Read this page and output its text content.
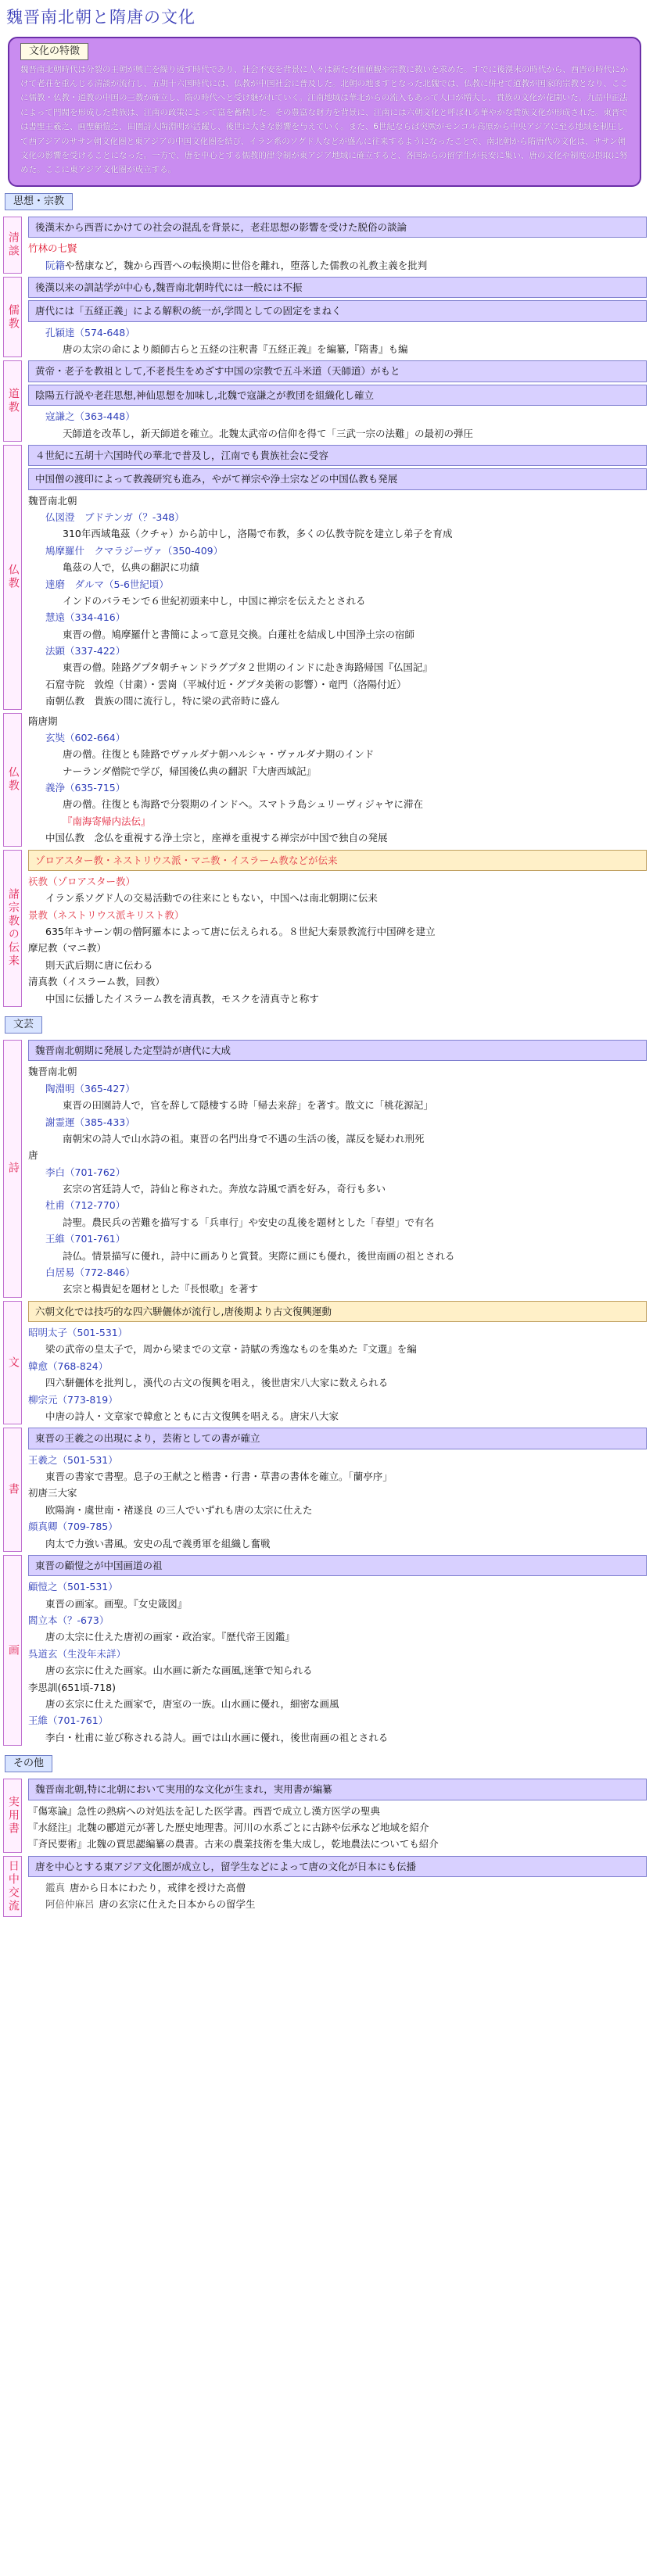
魏晋南北朝と隋唐の文化
文化の特徴

魏晋南北朝時代は分裂の王朝が興亡を繰り返す時代であり、社会不安を背景に人々は新たな価値観や宗教に救いを求めた。すでに後漢末の時代から、西晋の時代にかけて老荘を重んじる清談が流行し、五胡十六国時代には、仏教が中国社会に普及した。北朝の地ますとなった北魏では、仏教に併せて道教が国家的宗教となり、ここに儒教・仏教・道教の中国の三教が確立し、隋の時代へと受け継がれていく。江南地域は華北からの流入もあって人口が増大し、貴族の文化が花開いた。九品中正法によって門閥を形成した貴族は、江南の政策によって富を蓄積した。その豊富な財力を背景に、江南には六朝文化と呼ばれる華やかな貴族文化が形成された。東晋では書聖王羲之、画聖顧愷之、田園詩人陶淵明が活躍し、後世に大きな影響を与えていく。また、6世紀ならば突厥がモンゴル高原から中央アジアに至る地域を制圧して西アジアのササン朝文化圏と東アジアの中国文化圏を結び、イラン系のソグド人などが盛んに往来するようになったことで、南北朝から隋唐代の文化は、ササン朝文化の影響を受けることになった。一方で、唐を中心とする儒教的律令制が東アジア地域に確立すると、各国からの留学生が長安に集い、唐の文化や制度の摂取に努めた。ここに東アジア文化圏が成立する。

思想・宗教
清談
後漢末から西晋にかけての社会の混乱を背景に，老荘思想の影響を受けた脱俗の談論
竹林の七賢
阮籍や嵆康など，魏から西晋への転換期に世俗を離れ，堕落した儒教の礼教主義を批判
儒教
後漢以来の訓詁学が中心も,魏晋南北朝時代には一般には不振
唐代には「五経正義」による解釈の統一が,学問としての固定をまねく
孔穎達（574-648）
唐の太宗の命により顔師古らと五経の注釈書『五経正義』を編纂,『隋書』も編
道教
黄帝・老子を教祖として,不老長生をめざす中国の宗教で五斗米道（天師道）がもと
陰陽五行説や老荘思想,神仙思想を加味し,北魏で寇謙之が教団を組織化し確立
寇謙之（363-448）
天師道を改革し，新天師道を確立。北魏太武帝の信仰を得て「三武一宗の法難」の最初の弾圧
仏教
４世紀に五胡十六国時代の華北で普及し，江南でも貴族社会に受容
中国僧の渡印によって教義研究も進み，やがて禅宗や浄土宗などの中国仏教も発展
魏晋南北朝
仏図澄　ブドテンガ（？-348）
310年西域亀茲（クチャ）から訪中し，洛陽で布教，多くの仏教寺院を建立し弟子を育成
鳩摩羅什　クマラジーヴァ（350-409）
亀茲の人で，仏典の翻訳に功績
達磨　ダルマ（5-6世紀頃）
インドのバラモンで６世紀初頭来中し，中国に禅宗を伝えたとされる
慧遠（334-416）
東晋の僧。鳩摩羅什と書簡によって意見交換。白蓮社を結成し中国浄土宗の宿師
法顕（337-422）
東晋の僧。陸路グプタ朝チャンドラグプタ２世期のインドに赴き海路帰国『仏国記』
石窟寺院　敦煌（甘粛）・雲崗（平城付近・グプタ美術の影響）・竜門（洛陽付近）
南朝仏教　貴族の間に流行し，特に梁の武帝時に盛ん
仏教
隋唐期
玄奘（602-664）
唐の僧。往復とも陸路でヴァルダナ朝ハルシャ・ヴァルダナ期のインド
ナーランダ僧院で学び，帰国後仏典の翻訳『大唐西域記』
義浄（635-715）
唐の僧。往復とも海路で分裂期のインドへ。スマトラ島シュリーヴィジャヤに滞在
『南海寄帰内法伝』
中国仏教　念仏を重視する浄土宗と，座禅を重視する禅宗が中国で独自の発展
諸宗教の伝来
ゾロアスター教・ネストリウス派・マニ教・イスラーム教などが伝来
祆教（ゾロアスター教）
イラン系ソグド人の交易活動での往来にともない，中国へは南北朝期に伝来
景教（ネストリウス派キリスト教）
635年キサーン朝の僧阿羅本によって唐に伝えられる。８世紀大秦景教流行中国碑を建立
摩尼教（マニ教）
則天武后期に唐に伝わる
清真教（イスラーム教，回教）
中国に伝播したイスラーム教を清真教，モスクを清真寺と称す
文芸
詩
魏晋南北朝期に発展した定型詩が唐代に大成
魏晋南北朝
陶淵明（365-427）
東晋の田園詩人で，官を辞して隠棲する時「帰去来辞」を著す。散文に「桃花源記」
謝霊運（385-433）
南朝宋の詩人で山水詩の祖。東晋の名門出身で不遇の生活の後，謀反を疑われ刑死
唐
李白（701-762）
玄宗の宮廷詩人で，詩仙と称された。奔放な詩風で酒を好み，奇行も多い
杜甫（712-770）
詩聖。農民兵の苦難を描写する「兵車行」や安史の乱後を題材とした「春望」で有名
王維（701-761）
詩仏。情景描写に優れ，詩中に画ありと賞賛。実際に画にも優れ，後世南画の祖とされる
白居易（772-846）
玄宗と楊貴妃を題材とした『長恨歌』を著す
文
六朝文化では技巧的な四六駢儷体が流行し,唐後期より古文復興運動
昭明太子（501-531）
梁の武帝の皇太子で，周から梁までの文章・詩賦の秀逸なものを集めた『文選』を編
韓愈（768-824）
四六駢儷体を批判し，漢代の古文の復興を唱え，後世唐宋八大家に数えられる
柳宗元（773-819）
中唐の詩人・文章家で韓愈とともに古文復興を唱える。唐宋八大家
書
東晋の王羲之の出現により，芸術としての書が確立
王羲之（501-531）
東晋の書家で書聖。息子の王献之と楷書・行書・草書の書体を確立。「蘭亭序」
初唐三大家
欧陽詢・虞世南・褚遂良 の三人でいずれも唐の太宗に仕えた
顔真卿（709-785）
肉太で力強い書風。安史の乱で義勇軍を組織し奮戦
画
東晋の顧愷之が中国画道の祖
顧愷之（501-531）
東晋の画家。画聖。『女史箴図』
閻立本（？-673）
唐の太宗に仕えた唐初の画家・政治家。『歴代帝王図鑑』
呉道玄（生没年未詳）
唐の玄宗に仕えた画家。山水画に新たな画風,迷筆で知られる
李思訓(651頃-718)
唐の玄宗に仕えた画家で，唐室の一族。山水画に優れ，細密な画風
王維（701-761）
李白・杜甫に並び称される詩人。画では山水画に優れ，後世南画の祖とされる
その他
実用書
魏晋南北朝,特に北朝において実用的な文化が生まれ，実用書が編纂
『傷寒論』急性の熱病への対処法を記した医学書。西晋で成立し漢方医学の聖典
『水経注』北魏の酈道元が著した歴史地理書。河川の水系ごとに古跡や伝承など地域を紹介
『斉民要術』北魏の賈思勰編纂の農書。古来の農業技術を集大成し，乾地農法についても紹介
日中交流	唐を中心とする東アジア文化圏が成立し，留学生などによって唐の文化が日本にも伝播
鑑真 唐から日本にわたり，戒律を授けた高僧
阿倍仲麻呂 唐の玄宗に仕えた日本からの留学生
